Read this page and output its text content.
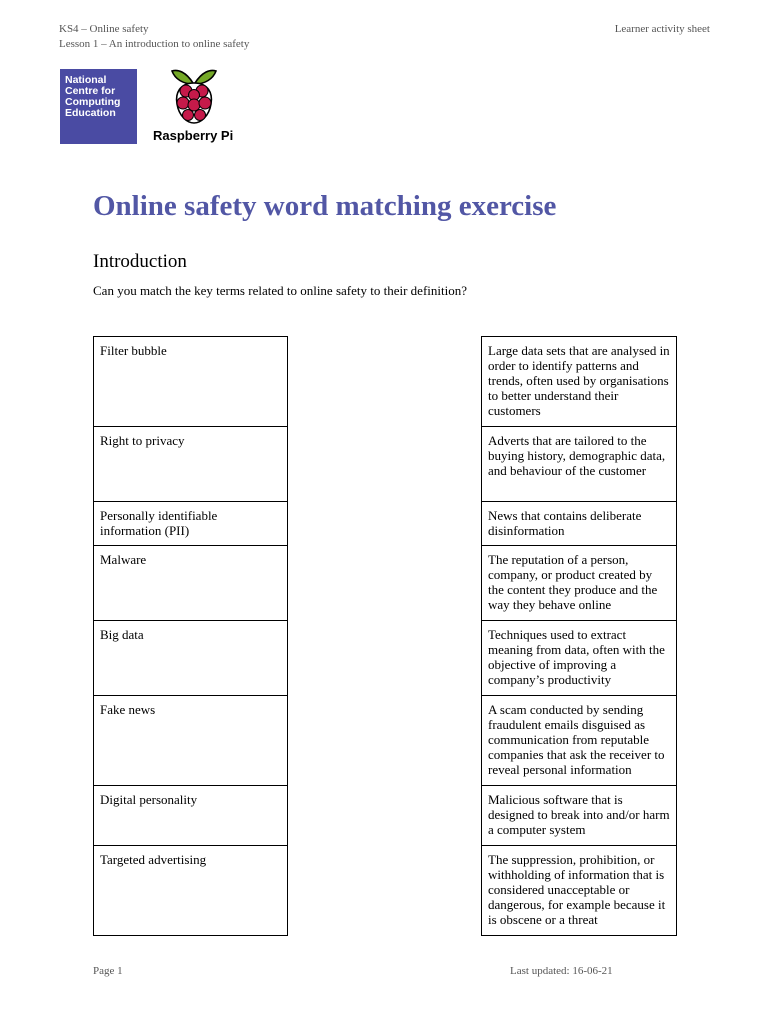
KS4 – Online safety
Lesson 1 – An introduction to online safety
Learner activity sheet
National
Centre for
Computing
Education
Raspberry Pi
Online safety word matching exercise
Introduction

Can you match the key terms related to online safety to their definition?

Filter bubble
Right to privacy
Personally identifiable information (PII)
Malware
Big data
Fake news
Digital personality
Targeted advertising
Large data sets that are analysed in order to identify patterns and trends, often used by organisations to better understand their customers
Adverts that are tailored to the buying history, demographic data, and behaviour of the customer
News that contains deliberate disinformation
The reputation of a person, company, or product created by the content they produce and the way they behave online
Techniques used to extract meaning from data, often with the objective of improving a company’s productivity
A scam conducted by sending fraudulent emails disguised as communication from reputable companies that ask the receiver to reveal personal information
Malicious software that is designed to break into and/or harm a computer system
The suppression, prohibition, or withholding of information that is considered unacceptable or dangerous, for example because it is obscene or a threat
Page 1	Last updated: 16-06-21
